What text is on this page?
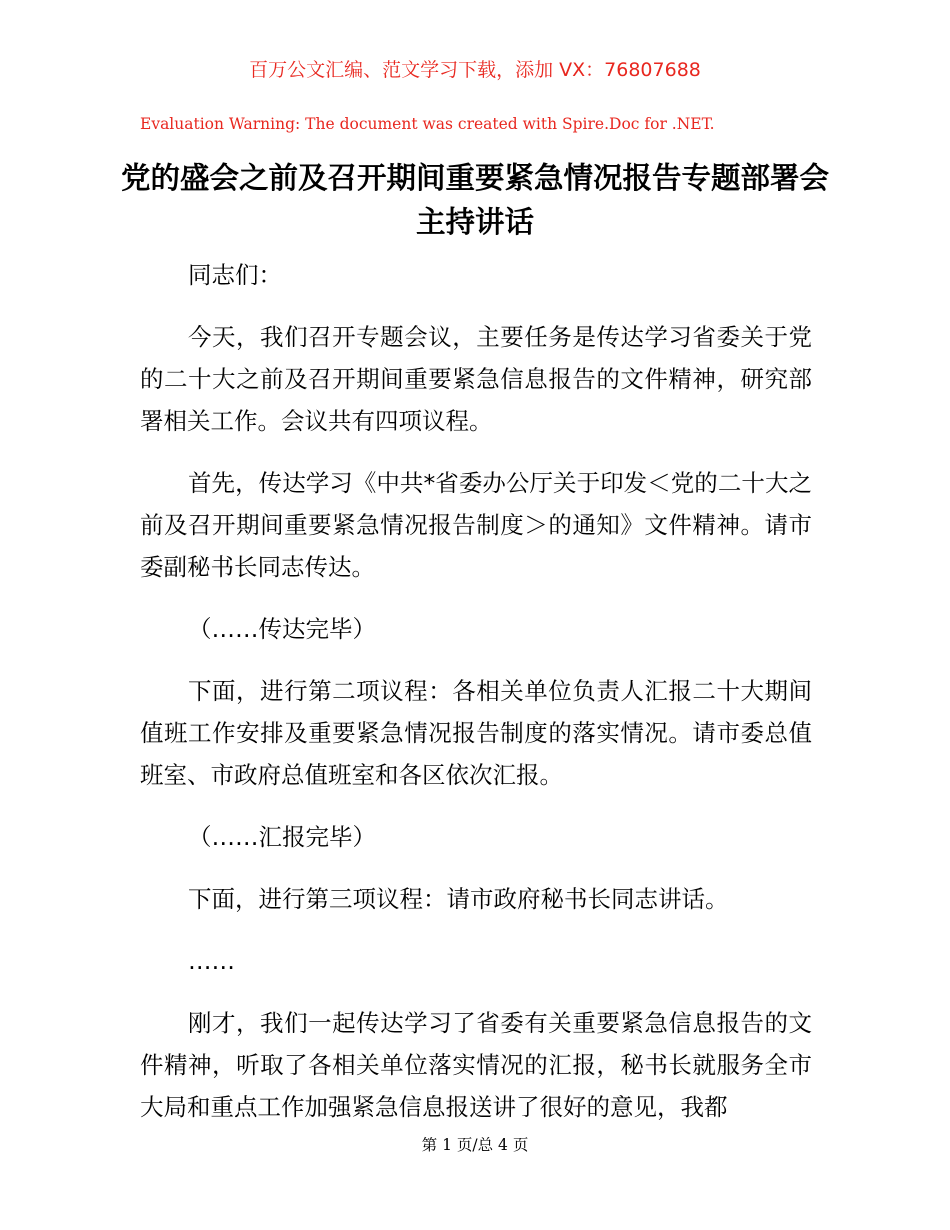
百万公文汇编、范文学习下载，添加 VX：76807688
Evaluation Warning: The document was created with Spire.Doc for .NET.
党的盛会之前及召开期间重要紧急情况报告专题部署会主持讲话

同志们：

今天，我们召开专题会议，主要任务是传达学习省委关于党的二十大之前及召开期间重要紧急信息报告的文件精神，研究部署相关工作。会议共有四项议程。

首先，传达学习《中共*省委办公厅关于印发＜党的二十大之前及召开期间重要紧急情况报告制度＞的通知》文件精神。请市委副秘书长同志传达。

（……传达完毕）

下面，进行第二项议程：各相关单位负责人汇报二十大期间值班工作安排及重要紧急情况报告制度的落实情况。请市委总值班室、市政府总值班室和各区依次汇报。

（……汇报完毕）

下面，进行第三项议程：请市政府秘书长同志讲话。

……

刚才，我们一起传达学习了省委有关重要紧急信息报告的文件精神，听取了各相关单位落实情况的汇报，秘书长就服务全市大局和重点工作加强紧急信息报送讲了很好的意见，我都

第 1 页/总 4 页
